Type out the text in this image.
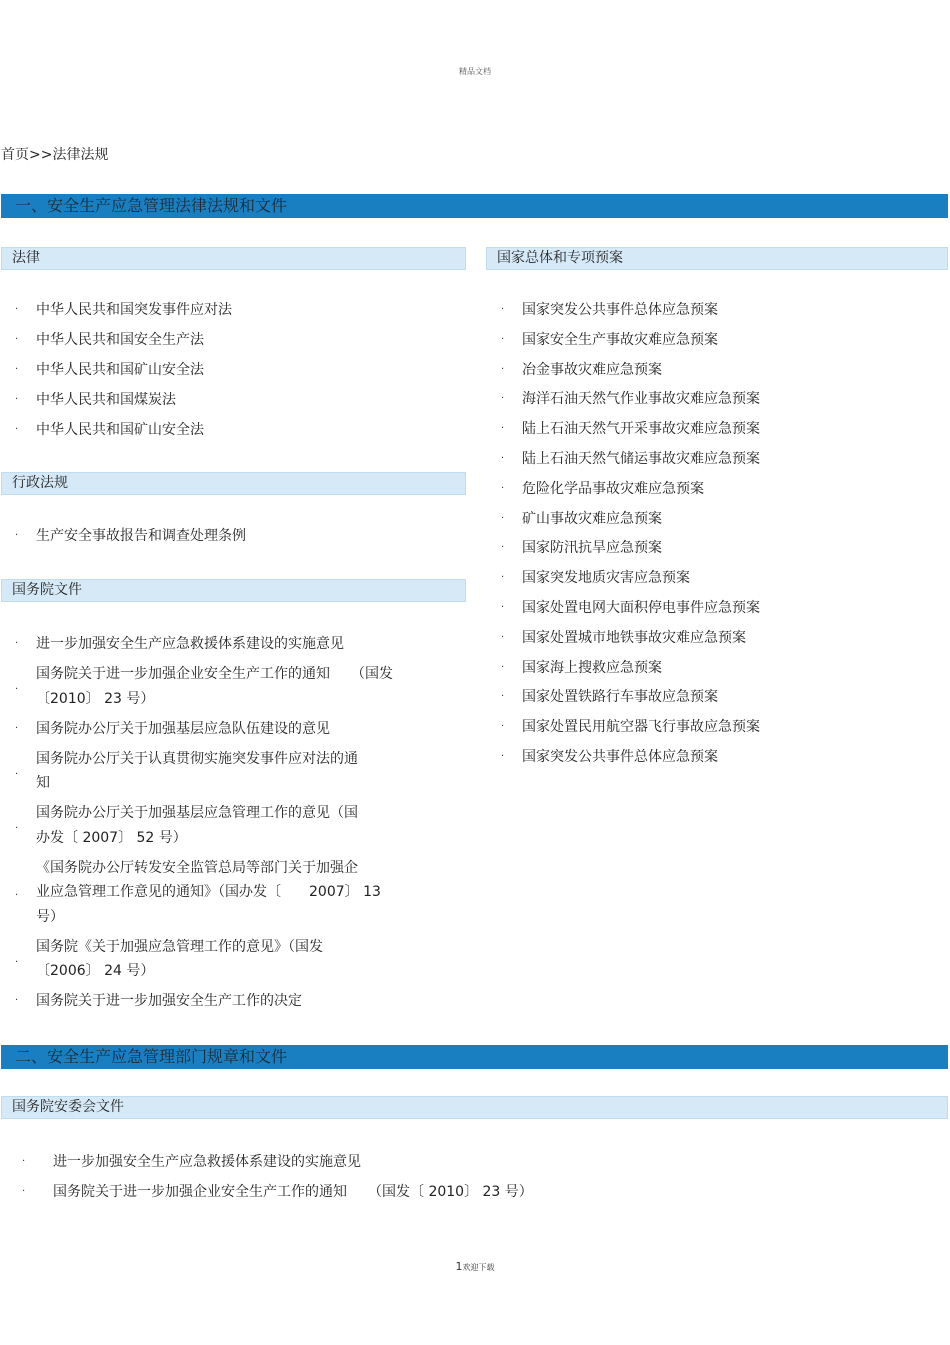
精品文档
首页>>法律法规
一、安全生产应急管理法律法规和文件
法律
· 中华人民共和国突发事件应对法
· 中华人民共和国安全生产法
· 中华人民共和国矿山安全法
· 中华人民共和国煤炭法
· 中华人民共和国矿山安全法
行政法规
· 生产安全事故报告和调查处理条例
国务院文件
· 进一步加强安全生产应急救援体系建设的实施意见
·
国务院关于进一步加强企业安全生产工作的通知　　（国发
〔2010〕 23 号）
· 国务院办公厅关于加强基层应急队伍建设的意见
·
国务院办公厅关于认真贯彻实施突发事件应对法的通
知
·
国务院办公厅关于加强基层应急管理工作的意见（国
办发〔 2007〕 52 号）
·
《国务院办公厅转发安全监管总局等部门关于加强企
业应急管理工作意见的通知》（国办发〔　　2007〕 13
号）
·
国务院《关于加强应急管理工作的意见》（国发
〔2006〕 24 号）
· 国务院关于进一步加强安全生产工作的决定
国家总体和专项预案
· 国家突发公共事件总体应急预案
· 国家安全生产事故灾难应急预案
· 冶金事故灾难应急预案
· 海洋石油天然气作业事故灾难应急预案
· 陆上石油天然气开采事故灾难应急预案
· 陆上石油天然气储运事故灾难应急预案
· 危险化学品事故灾难应急预案
· 矿山事故灾难应急预案
· 国家防汛抗旱应急预案
· 国家突发地质灾害应急预案
· 国家处置电网大面积停电事件应急预案
· 国家处置城市地铁事故灾难应急预案
· 国家海上搜救应急预案
· 国家处置铁路行车事故应急预案
· 国家处置民用航空器飞行事故应急预案
· 国家突发公共事件总体应急预案
二、安全生产应急管理部门规章和文件
国务院安委会文件
· 进一步加强安全生产应急救援体系建设的实施意见
· 国务院关于进一步加强企业安全生产工作的通知　　（国发〔 2010〕 23 号）
1欢迎下载
